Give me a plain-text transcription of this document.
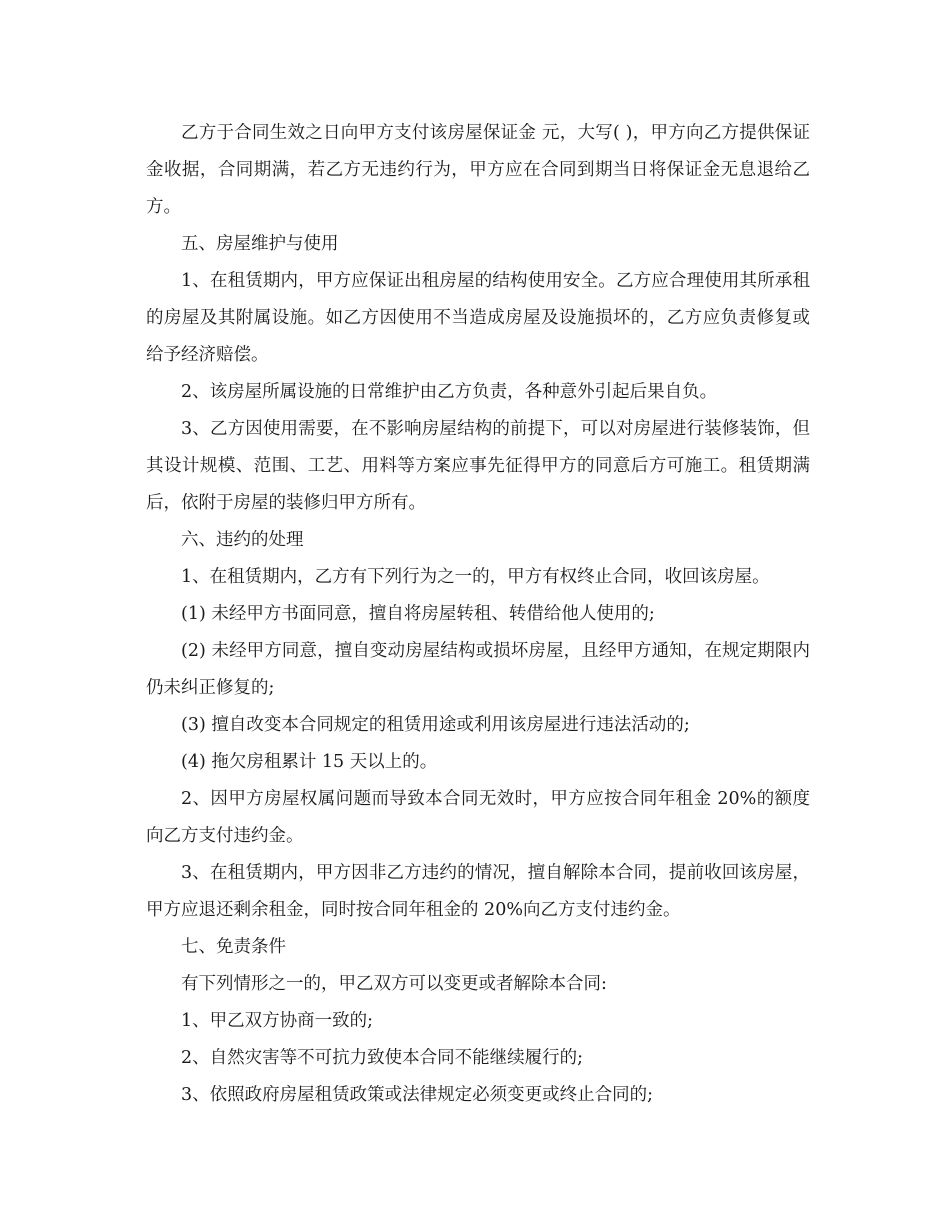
乙方于合同生效之日向甲方支付该房屋保证金 元，大写( )，甲方向乙方提供保证金收据，合同期满，若乙方无违约行为，甲方应在合同到期当日将保证金无息退给乙方。

五、房屋维护与使用

1、在租赁期内，甲方应保证出租房屋的结构使用安全。乙方应合理使用其所承租的房屋及其附属设施。如乙方因使用不当造成房屋及设施损坏的，乙方应负责修复或给予经济赔偿。

2、该房屋所属设施的日常维护由乙方负责，各种意外引起后果自负。

3、乙方因使用需要，在不影响房屋结构的前提下，可以对房屋进行装修装饰，但其设计规模、范围、工艺、用料等方案应事先征得甲方的同意后方可施工。租赁期满后，依附于房屋的装修归甲方所有。

六、违约的处理

1、在租赁期内，乙方有下列行为之一的，甲方有权终止合同，收回该房屋。

(1) 未经甲方书面同意，擅自将房屋转租、转借给他人使用的;

(2) 未经甲方同意，擅自变动房屋结构或损坏房屋，且经甲方通知，在规定期限内仍未纠正修复的;

(3) 擅自改变本合同规定的租赁用途或利用该房屋进行违法活动的;

(4) 拖欠房租累计 15 天以上的。

2、因甲方房屋权属问题而导致本合同无效时，甲方应按合同年租金 20%的额度向乙方支付违约金。

3、在租赁期内，甲方因非乙方违约的情况，擅自解除本合同，提前收回该房屋，甲方应退还剩余租金，同时按合同年租金的 20%向乙方支付违约金。

七、免责条件

有下列情形之一的，甲乙双方可以变更或者解除本合同:

1、甲乙双方协商一致的;

2、自然灾害等不可抗力致使本合同不能继续履行的;

3、依照政府房屋租赁政策或法律规定必须变更或终止合同的;
